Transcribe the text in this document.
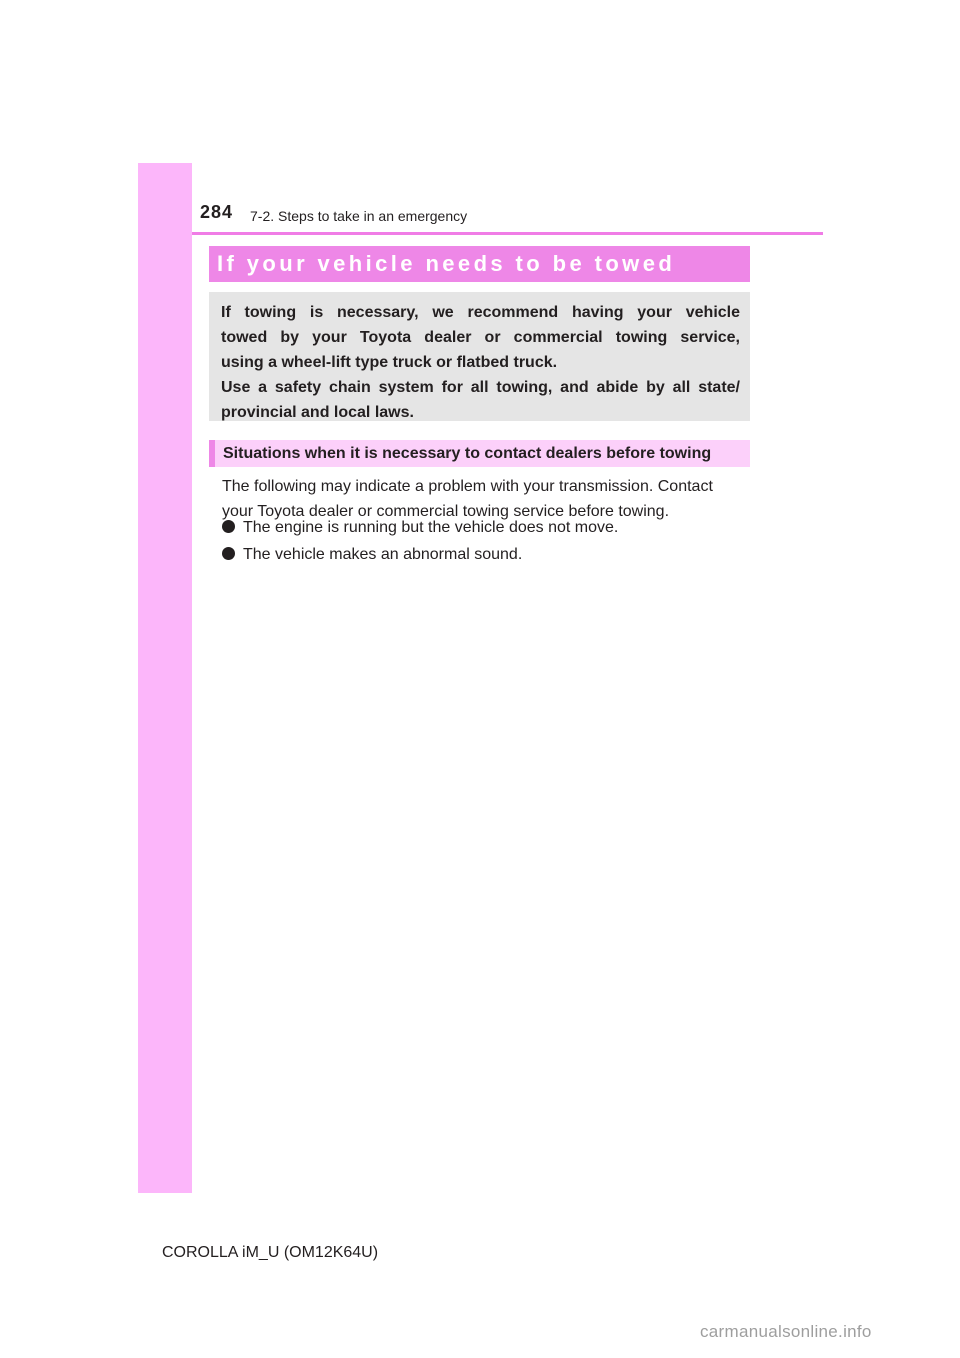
284 7-2. Steps to take in an emergency
If your vehicle needs to be towed

If towing is necessary, we recommend having your vehicle

towed by your Toyota dealer or commercial towing service,

using a wheel-lift type truck or flatbed truck.

Use a safety chain system for all towing, and abide by all state/

provincial and local laws.

Situations when it is necessary to contact dealers before towing

The following may indicate a problem with your transmission. Contact

your Toyota dealer or commercial towing service before towing.

The engine is running but the vehicle does not move.
The vehicle makes an abnormal sound.
COROLLA iM_U (OM12K64U)
carmanualsonline.info
